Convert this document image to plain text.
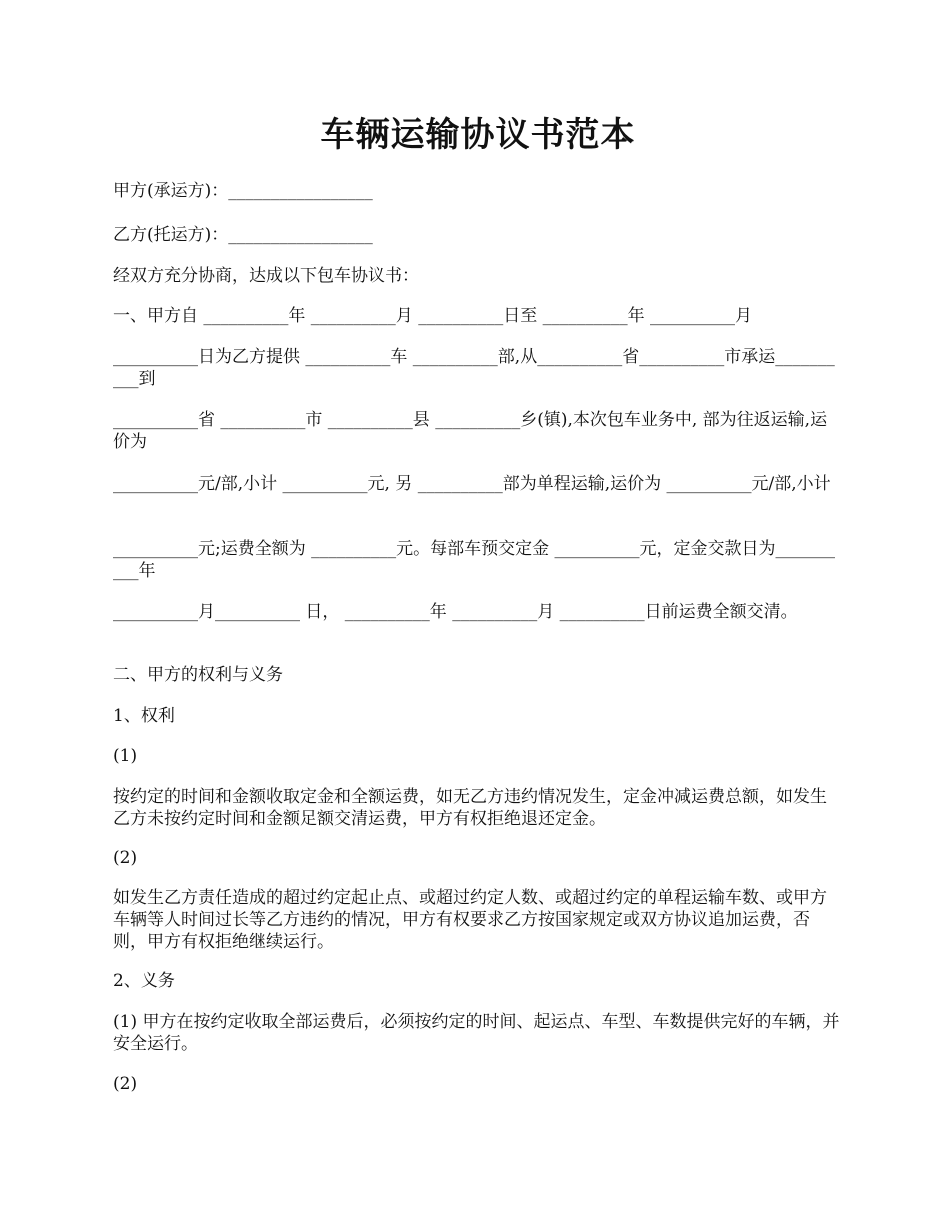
车辆运输协议书范本
甲方(承运方)：_________________
乙方(托运方)：_________________
经双方充分协商，达成以下包车协议书：
一、甲方自 __________年 __________月 __________日至 __________年 __________月
__________日为乙方提供 __________车 __________部,从__________省__________市承运__________到
__________省 __________市 __________县 __________乡(镇),本次包车业务中, 部为往返运输,运价为
__________元/部,小计 __________元, 另 __________部为单程运输,运价为 __________元/部,小计
__________元;运费全额为 __________元。每部车预交定金 __________元，定金交款日为__________年
__________月__________ 日， __________年 __________月 __________日前运费全额交清。
二、甲方的权利与义务
1、权利
(1)
按约定的时间和金额收取定金和全额运费，如无乙方违约情况发生，定金冲减运费总额，如发生乙方未按约定时间和金额足额交清运费，甲方有权拒绝退还定金。
(2)
如发生乙方责任造成的超过约定起止点、或超过约定人数、或超过约定的单程运输车数、或甲方车辆等人时间过长等乙方违约的情况，甲方有权要求乙方按国家规定或双方协议追加运费，否则，甲方有权拒绝继续运行。
2、义务
(1) 甲方在按约定收取全部运费后，必须按约定的时间、起运点、车型、车数提供完好的车辆，并安全运行。
(2)
